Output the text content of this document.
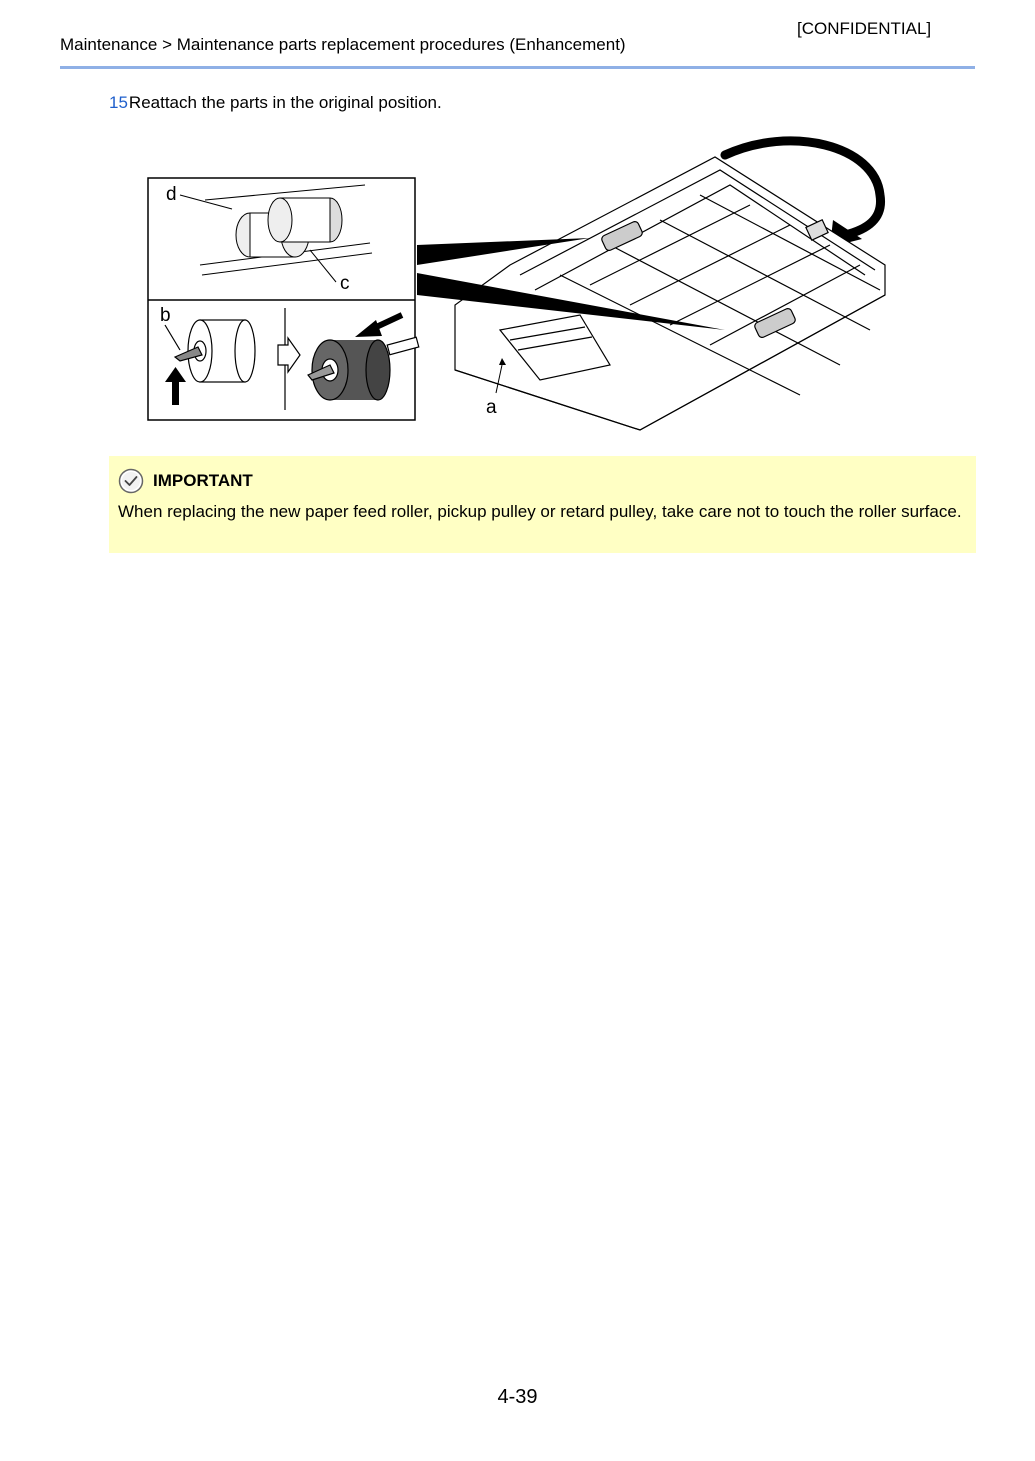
[CONFIDENTIAL]
Maintenance > Maintenance parts replacement procedures (Enhancement)
15Reattach the parts in the original position.
d
c
b
a
IMPORTANT
When replacing the new paper feed roller, pickup pulley or retard pulley, take care not to touch the roller surface.
4-39
